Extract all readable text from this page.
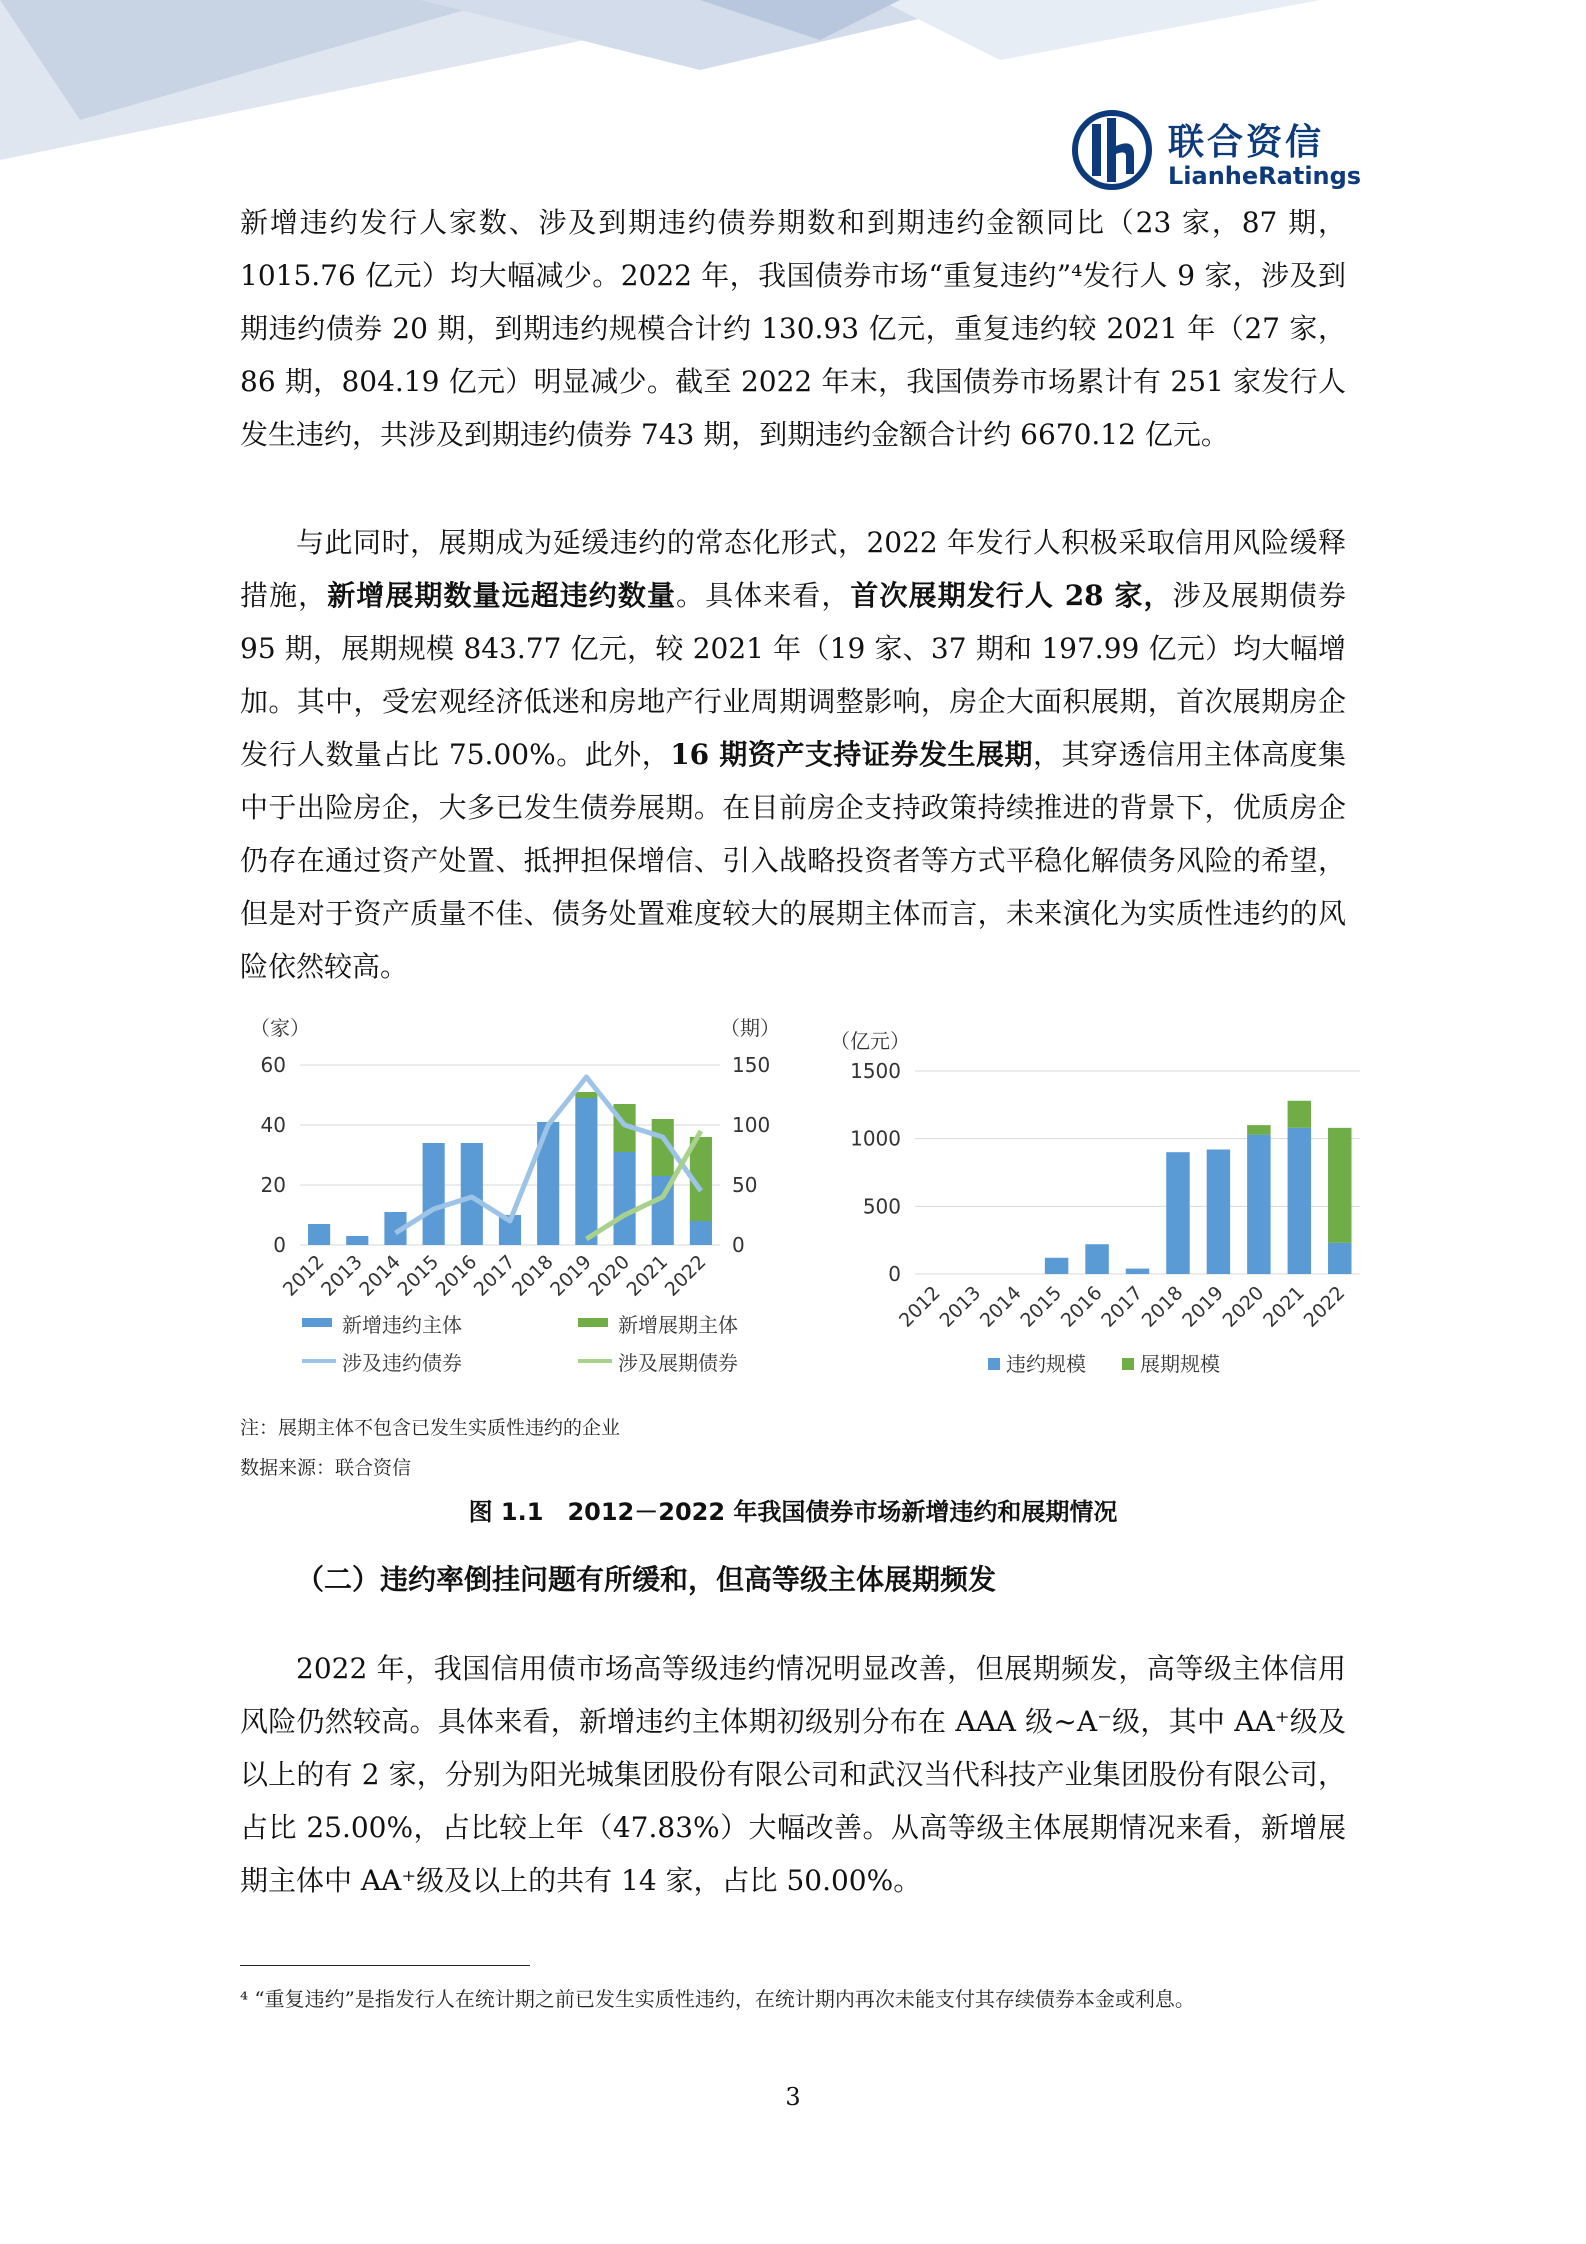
联合资信
LianheRatings

新增违约发行人家数、涉及到期违约债券期数和到期违约金额同比（23 家，87 期，1015.76 亿元）均大幅减少。2022 年，我国债券市场“重复违约”⁴发行人 9 家，涉及到期违约债券 20 期，到期违约规模合计约 130.93 亿元，重复违约较 2021 年（27 家，86 期，804.19 亿元）明显减少。截至 2022 年末，我国债券市场累计有 251 家发行人发生违约，共涉及到期违约债券 743 期，到期违约金额合计约 6670.12 亿元。

与此同时，展期成为延缓违约的常态化形式，2022 年发行人积极采取信用风险缓释措施，新增展期数量远超违约数量。具体来看，首次展期发行人 28 家，涉及展期债券 95 期，展期规模 843.77 亿元，较 2021 年（19 家、37 期和 197.99 亿元）均大幅增加。其中，受宏观经济低迷和房地产行业周期调整影响，房企大面积展期，首次展期房企发行人数量占比 75.00%。此外，16 期资产支持证券发生展期，其穿透信用主体高度集中于出险房企，大多已发生债券展期。在目前房企支持政策持续推进的背景下，优质房企仍存在通过资产处置、抵押担保增信、引入战略投资者等方式平稳化解债务风险的希望，但是对于资产质量不佳、债务处置难度较大的展期主体而言，未来演化为实质性违约的风险依然较高。

（家）	（期）
0
20
40
60
0
50
100
150
2012
2013
2014
2015
2016
2017
2018
2019
2020
2021
2022
新增违约主体	新增展期主体
涉及违约债券	涉及展期债券
（亿元）
0
500
1000
1500
2012
2013
2014
2015
2016
2017
2018
2019
2020
2021
2022
违约规模	展期规模
注：展期主体不包含已发生实质性违约的企业
数据来源：联合资信
图 1.1　2012－2022 年我国债券市场新增违约和展期情况
（二）违约率倒挂问题有所缓和，但高等级主体展期频发

2022 年，我国信用债市场高等级违约情况明显改善，但展期频发，高等级主体信用风险仍然较高。具体来看，新增违约主体期初级别分布在 AAA 级~A⁻级，其中 AA⁺级及以上的有 2 家，分别为阳光城集团股份有限公司和武汉当代科技产业集团股份有限公司，占比 25.00%，占比较上年（47.83%）大幅改善。从高等级主体展期情况来看，新增展期主体中 AA⁺级及以上的共有 14 家，占比 50.00%。

⁴ “重复违约”是指发行人在统计期之前已发生实质性违约，在统计期内再次未能支付其存续债券本金或利息。
3
